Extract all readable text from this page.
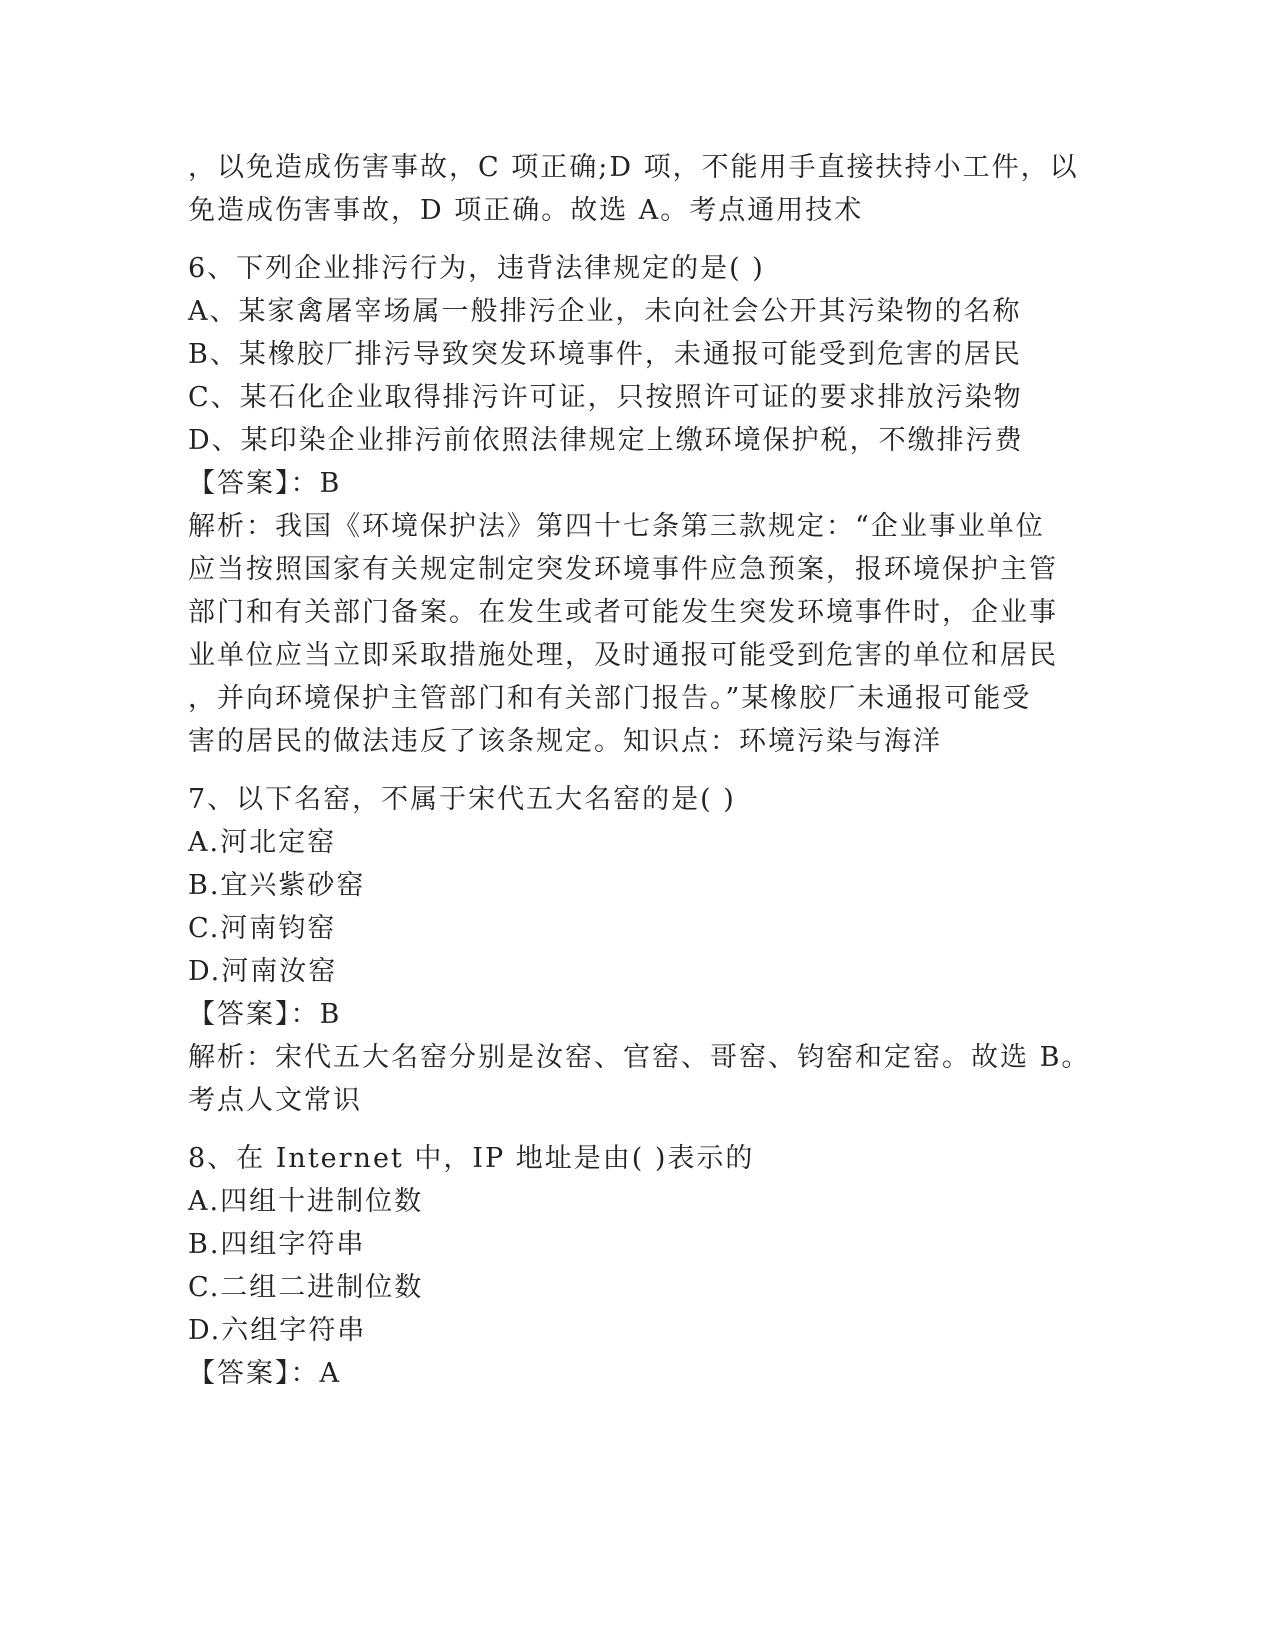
，以免造成伤害事故，C 项正确;D 项，不能用手直接扶持小工件，以
免造成伤害事故，D 项正确。故选 A。考点通用技术
6、下列企业排污行为，违背法律规定的是( )
A、某家禽屠宰场属一般排污企业，未向社会公开其污染物的名称
B、某橡胶厂排污导致突发环境事件，未通报可能受到危害的居民
C、某石化企业取得排污许可证，只按照许可证的要求排放污染物
D、某印染企业排污前依照法律规定上缴环境保护税，不缴排污费
【答案】：B
解析：我国《环境保护法》第四十七条第三款规定：“企业事业单位
应当按照国家有关规定制定突发环境事件应急预案，报环境保护主管
部门和有关部门备案。在发生或者可能发生突发环境事件时，企业事
业单位应当立即采取措施处理，及时通报可能受到危害的单位和居民
，并向环境保护主管部门和有关部门报告。”某橡胶厂未通报可能受
害的居民的做法违反了该条规定。知识点：环境污染与海洋
7、以下名窑，不属于宋代五大名窑的是( )
A.河北定窑
B.宜兴紫砂窑
C.河南钧窑
D.河南汝窑
【答案】：B
解析：宋代五大名窑分别是汝窑、官窑、哥窑、钧窑和定窑。故选 B。
考点人文常识
8、在 Internet 中，IP 地址是由( )表示的
A.四组十进制位数
B.四组字符串
C.二组二进制位数
D.六组字符串
【答案】：A
